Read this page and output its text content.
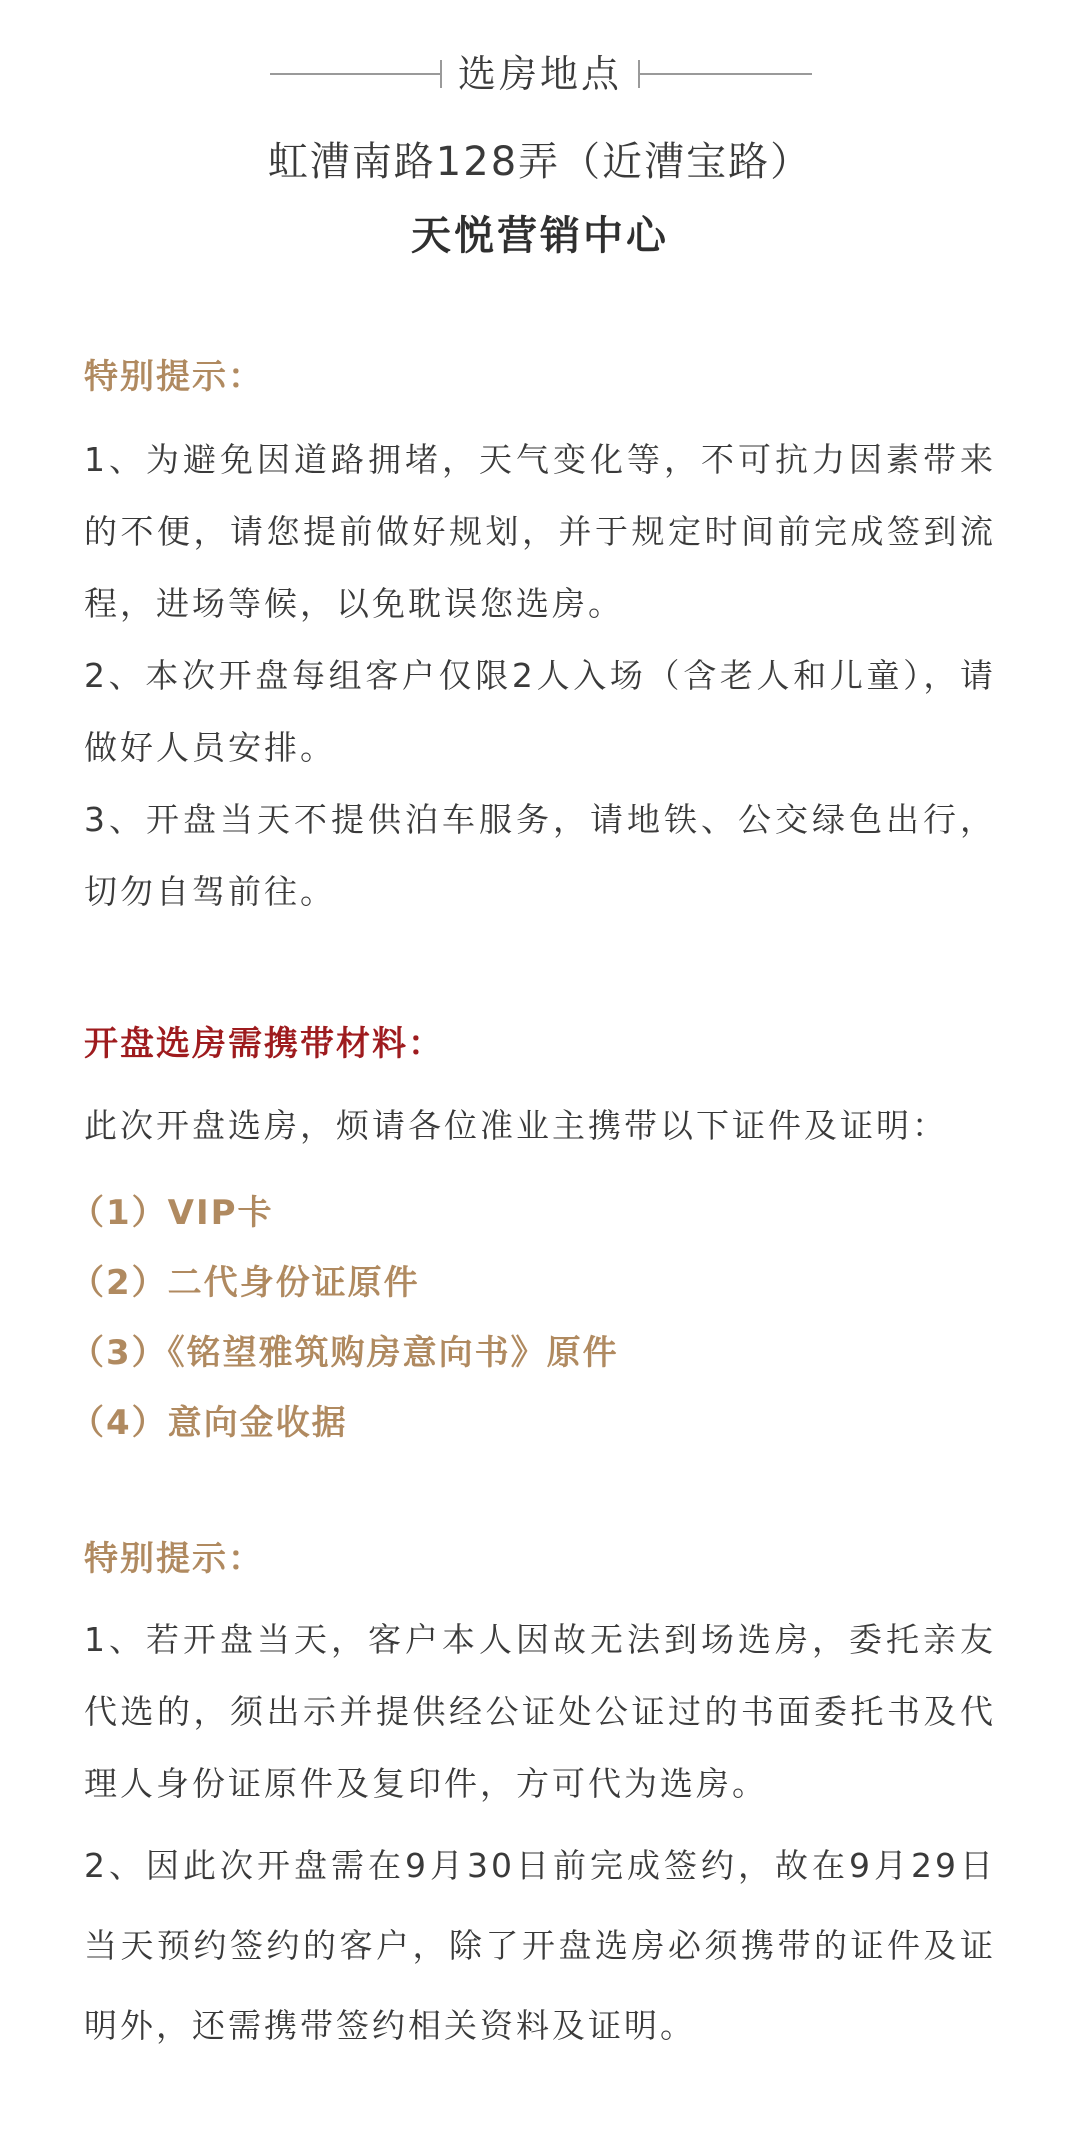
选房地点
虹漕南路128弄（近漕宝路）
天悦营销中心

特别提示：

1、为避免因道路拥堵，天气变化等，不可抗力因素带来的不便，请您提前做好规划，并于规定时间前完成签到流程，进场等候，以免耽误您选房。

2、本次开盘每组客户仅限2人入场（含老人和儿童），请做好人员安排。

3、开盘当天不提供泊车服务，请地铁、公交绿色出行，切勿自驾前往。

开盘选房需携带材料：

此次开盘选房，烦请各位准业主携带以下证件及证明：

（1）VIP卡
（2）二代身份证原件
（3）《铭望雅筑购房意向书》原件
（4）意向金收据

特别提示：

1、若开盘当天，客户本人因故无法到场选房，委托亲友代选的，须出示并提供经公证处公证过的书面委托书及代理人身份证原件及复印件，方可代为选房。

2、因此次开盘需在9月30日前完成签约，故在9月29日当天预约签约的客户，除了开盘选房必须携带的证件及证明外，还需携带签约相关资料及证明。
